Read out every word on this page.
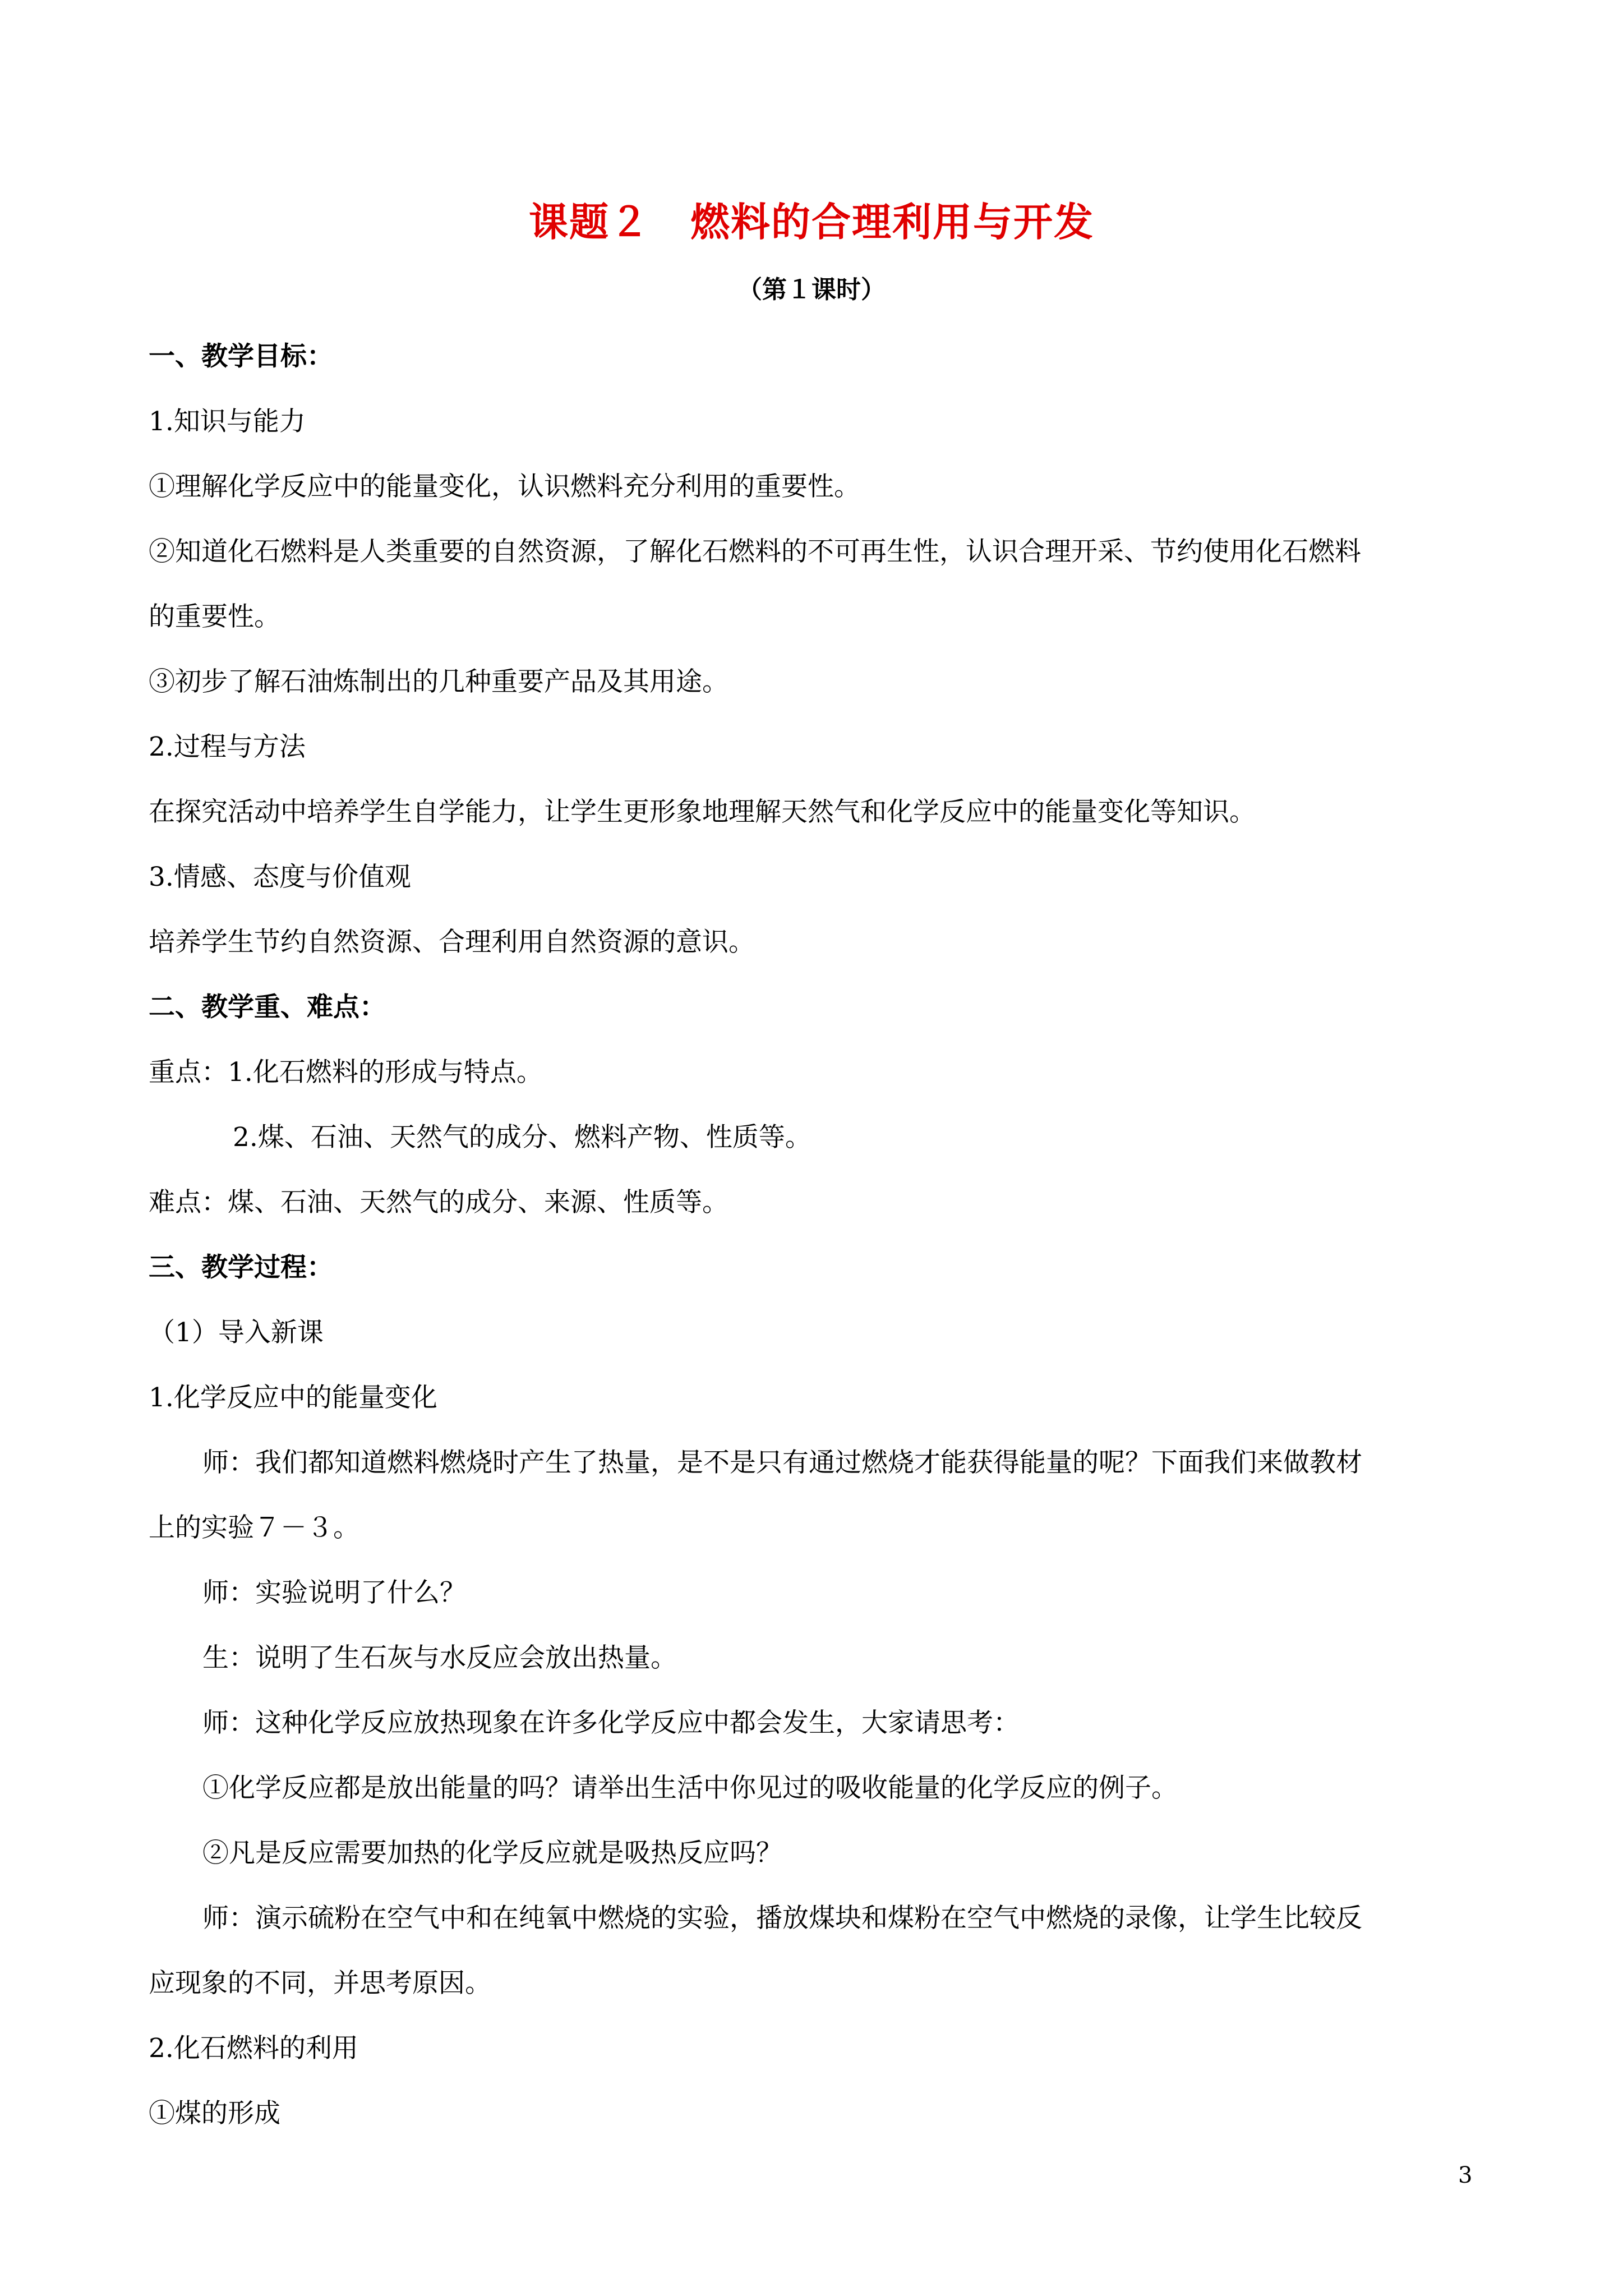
课题２　燃料的合理利用与开发
（第１课时）

一、教学目标：

1.知识与能力

①理解化学反应中的能量变化，认识燃料充分利用的重要性。

②知道化石燃料是人类重要的自然资源，了解化石燃料的不可再生性，认识合理开采、节约使用化石燃料

的重要性。

③初步了解石油炼制出的几种重要产品及其用途。

2.过程与方法

在探究活动中培养学生自学能力，让学生更形象地理解天然气和化学反应中的能量变化等知识。

3.情感、态度与价值观

培养学生节约自然资源、合理利用自然资源的意识。

二、教学重、难点：

重点：1.化石燃料的形成与特点。

2.煤、石油、天然气的成分、燃料产物、性质等。

难点：煤、石油、天然气的成分、来源、性质等。

三、教学过程：

（1）导入新课

1.化学反应中的能量变化

师：我们都知道燃料燃烧时产生了热量，是不是只有通过燃烧才能获得能量的呢？下面我们来做教材

上的实验７－３。

师：实验说明了什么？

生：说明了生石灰与水反应会放出热量。

师：这种化学反应放热现象在许多化学反应中都会发生，大家请思考：

①化学反应都是放出能量的吗？请举出生活中你见过的吸收能量的化学反应的例子。

②凡是反应需要加热的化学反应就是吸热反应吗？

师：演示硫粉在空气中和在纯氧中燃烧的实验，播放煤块和煤粉在空气中燃烧的录像，让学生比较反

应现象的不同，并思考原因。

2.化石燃料的利用

①煤的形成

3
